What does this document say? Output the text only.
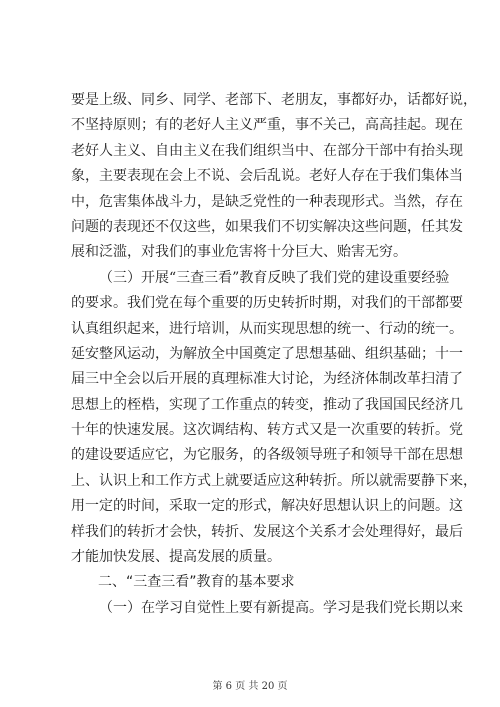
要是上级、同乡、同学、老部下、老朋友，事都好办，话都好说，
不坚持原则；有的老好人主义严重，事不关己，高高挂起。现在
老好人主义、自由主义在我们组织当中、在部分干部中有抬头现
象，主要表现在会上不说、会后乱说。老好人存在于我们集体当
中，危害集体战斗力，是缺乏党性的一种表现形式。当然，存在
问题的表现还不仅这些，如果我们不切实解决这些问题，任其发
展和泛滥，对我们的事业危害将十分巨大、贻害无穷。
（三）开展“三查三看”教育反映了我们党的建设重要经验
的要求。我们党在每个重要的历史转折时期，对我们的干部都要
认真组织起来，进行培训，从而实现思想的统一、行动的统一。
延安整风运动，为解放全中国奠定了思想基础、组织基础；十一
届三中全会以后开展的真理标准大讨论，为经济体制改革扫清了
思想上的桎梏，实现了工作重点的转变，推动了我国国民经济几
十年的快速发展。这次调结构、转方式又是一次重要的转折。党
的建设要适应它，为它服务，的各级领导班子和领导干部在思想
上、认识上和工作方式上就要适应这种转折。所以就需要静下来，
用一定的时间，采取一定的形式，解决好思想认识上的问题。这
样我们的转折才会快，转折、发展这个关系才会处理得好，最后
才能加快发展、提高发展的质量。
二、“三查三看”教育的基本要求
（一）在学习自觉性上要有新提高。学习是我们党长期以来
第 6 页 共 20 页
